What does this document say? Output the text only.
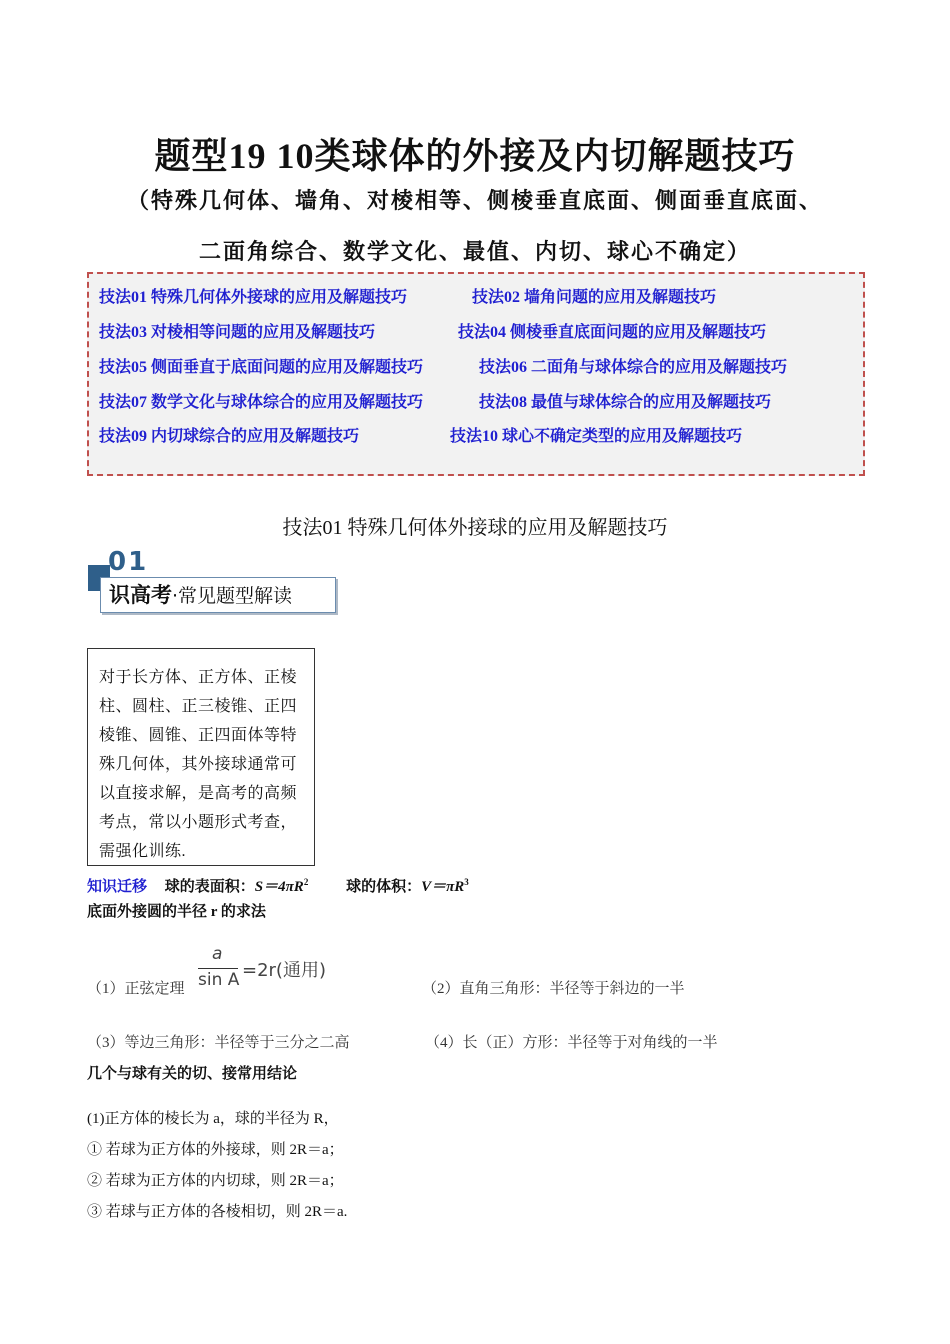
题型19 10类球体的外接及内切解题技巧
（特殊几何体、墙角、对棱相等、侧棱垂直底面、侧面垂直底面、
二面角综合、数学文化、最值、内切、球心不确定）
技法01 特殊几何体外接球的应用及解题技巧	技法02 墙角问题的应用及解题技巧
技法03 对棱相等问题的应用及解题技巧	技法04 侧棱垂直底面问题的应用及解题技巧
技法05 侧面垂直于底面问题的应用及解题技巧	技法06 二面角与球体综合的应用及解题技巧
技法07 数学文化与球体综合的应用及解题技巧	技法08 最值与球体综合的应用及解题技巧
技法09 内切球综合的应用及解题技巧	技法10 球心不确定类型的应用及解题技巧
技法01 特殊几何体外接球的应用及解题技巧
01
识高考·常见题型解读
对于长方体、正方体、正棱柱、圆柱、正三棱锥、正四棱锥、圆锥、正四面体等特殊几何体，其外接球通常可以直接求解，是高考的高频考点，常以小题形式考查，需强化训练.
知识迁移 球的表面积：$S=4\pi R^2$	球的体积：$V=\pi R^3$
底面外接圆的半径 r 的求法
（1）正弦定理
a
sin A =2r(通用)
（2）直角三角形：半径等于斜边的一半
（3）等边三角形：半径等于三分之二高	（4）长（正）方形：半径等于对角线的一半
几个与球有关的切、接常用结论
(1)正方体的棱长为 a，球的半径为 R，
① 若球为正方体的外接球，则 2R＝a；
② 若球为正方体的内切球，则 2R＝a；
③ 若球与正方体的各棱相切，则 2R＝a.
